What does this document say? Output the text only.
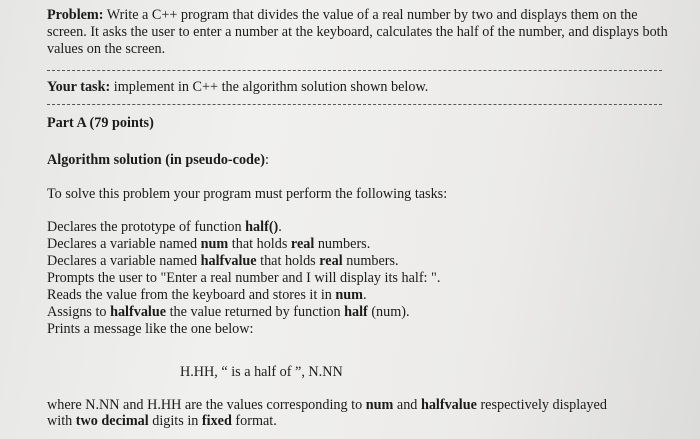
Problem: Write a C++ program that divides the value of a real number by two and displays them on the screen. It asks the user to enter a number at the keyboard, calculates the half of the number, and displays both values on the screen.

Your task: implement in C++ the algorithm solution shown below.
Part A (79 points)
Algorithm solution (in pseudo-code):
To solve this problem your program must perform the following tasks:
Declares the prototype of function half().
Declares a variable named num that holds real numbers.
Declares a variable named halfvalue that holds real numbers.
Prompts the user to "Enter a real number and I will display its half: ".
Reads the value from the keyboard and stores it in num.
Assigns to halfvalue the value returned by function half (num).
Prints a message like the one below:
H.HH, “ is a half of ”, N.NN
where N.NN and H.HH are the values corresponding to num and halfvalue respectively displayed
with two decimal digits in fixed format.
